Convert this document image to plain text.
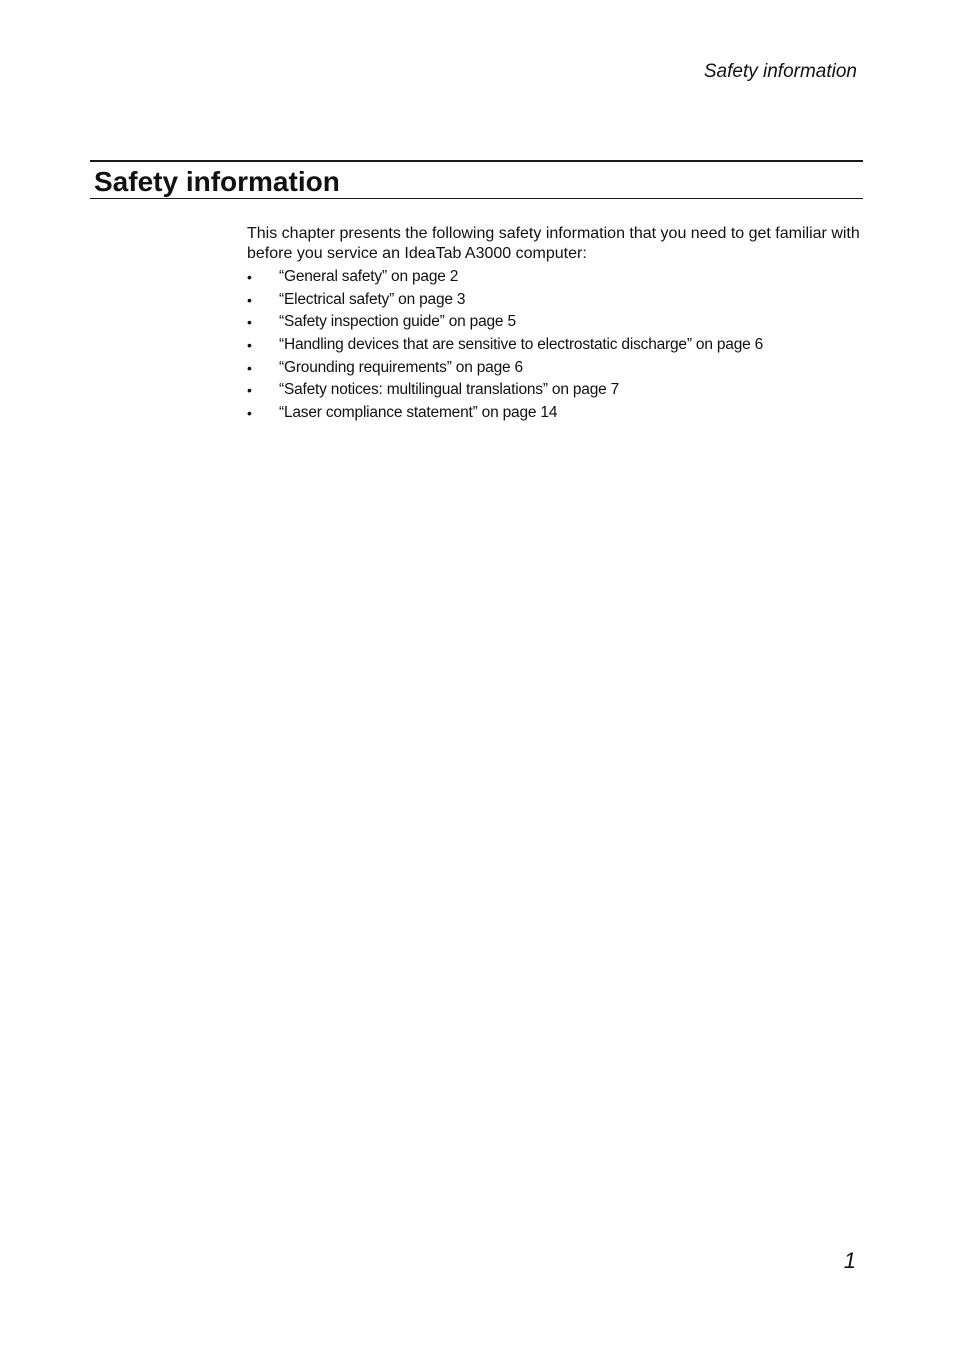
Safety information
Safety information

This chapter presents the following safety information that you need to get familiar with before you service an IdeaTab A3000 computer:

• “General safety” on page 2
• “Electrical safety” on page 3
• “Safety inspection guide” on page 5
• “Handling devices that are sensitive to electrostatic discharge” on page 6
• “Grounding requirements” on page 6
• “Safety notices: multilingual translations” on page 7
• “Laser compliance statement” on page 14
1
